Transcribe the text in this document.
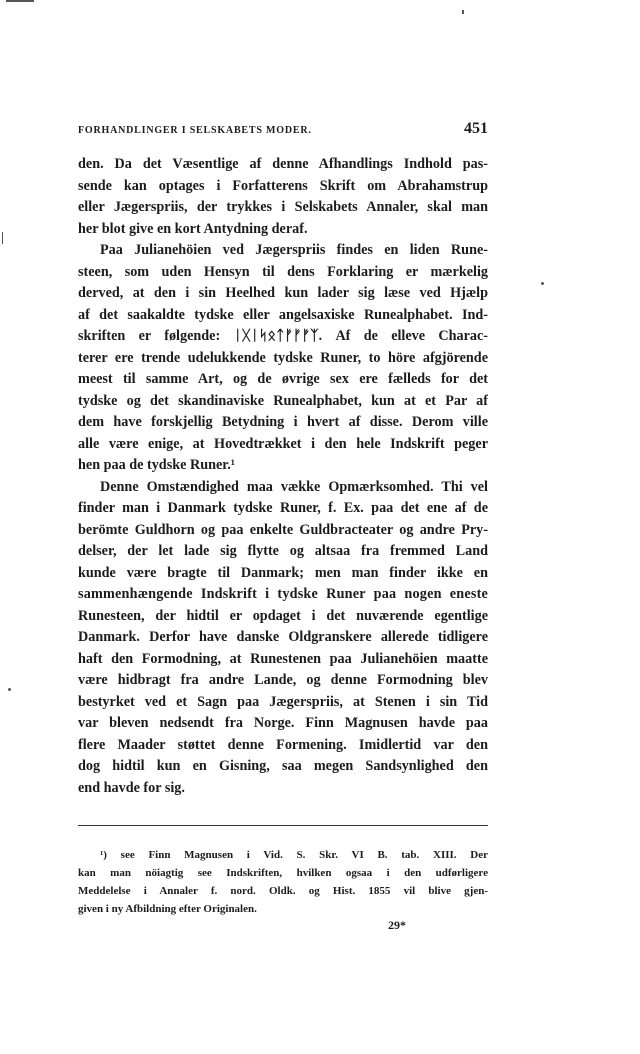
FORHANDLINGER I SELSKABETS MODER.	451
den. Da det Væsentlige af denne Afhandlings Indhold pas-
sende kan optages i Forfatterens Skrift om Abrahamstrup
eller Jægerspriis, der trykkes i Selskabets Annaler, skal man
her blot give en kort Antydning deraf.
Paa Julianehöien ved Jægerspriis findes en liden Rune-
steen, som uden Hensyn til dens Forklaring er mærkelig
derved, at den i sin Heelhed kun lader sig læse ved Hjælp
af det saakaldte tydske eller angelsaxiske Runealphabet. Ind-
skriften er følgende: ᛁᚷᛁᛋᛟᛏᚠᚠᚠᛉ. Af de elleve Charac-
terer ere trende udelukkende tydske Runer, to höre afgjörende
meest til samme Art, og de øvrige sex ere fælleds for det
tydske og det skandinaviske Runealphabet, kun at et Par af
dem have forskjellig Betydning i hvert af disse. Derom ville
alle være enige, at Hovedtrækket i den hele Indskrift peger
hen paa de tydske Runer.¹
Denne Omstændighed maa vække Opmærksomhed. Thi vel
finder man i Danmark tydske Runer, f. Ex. paa det ene af de
berömte Guldhorn og paa enkelte Guldbracteater og andre Pry-
delser, der let lade sig flytte og altsaa fra fremmed Land
kunde være bragte til Danmark; men man finder ikke en
sammenhængende Indskrift i tydske Runer paa nogen eneste
Runesteen, der hidtil er opdaget i det nuværende egentlige
Danmark. Derfor have danske Oldgranskere allerede tidligere
haft den Formodning, at Runestenen paa Julianehöien maatte
være hidbragt fra andre Lande, og denne Formodning blev
bestyrket ved et Sagn paa Jægerspriis, at Stenen i sin Tid
var bleven nedsendt fra Norge. Finn Magnusen havde paa
flere Maader støttet denne Formening. Imidlertid var den
dog hidtil kun en Gisning, saa megen Sandsynlighed den
end havde for sig.
¹) see Finn Magnusen i Vid. S. Skr. VI B. tab. XIII. Der
kan man nöiagtig see Indskriften, hvilken ogsaa i den udførligere
Meddelelse i Annaler f. nord. Oldk. og Hist. 1855 vil blive gjen-
given i ny Afbildning efter Originalen.
29*
